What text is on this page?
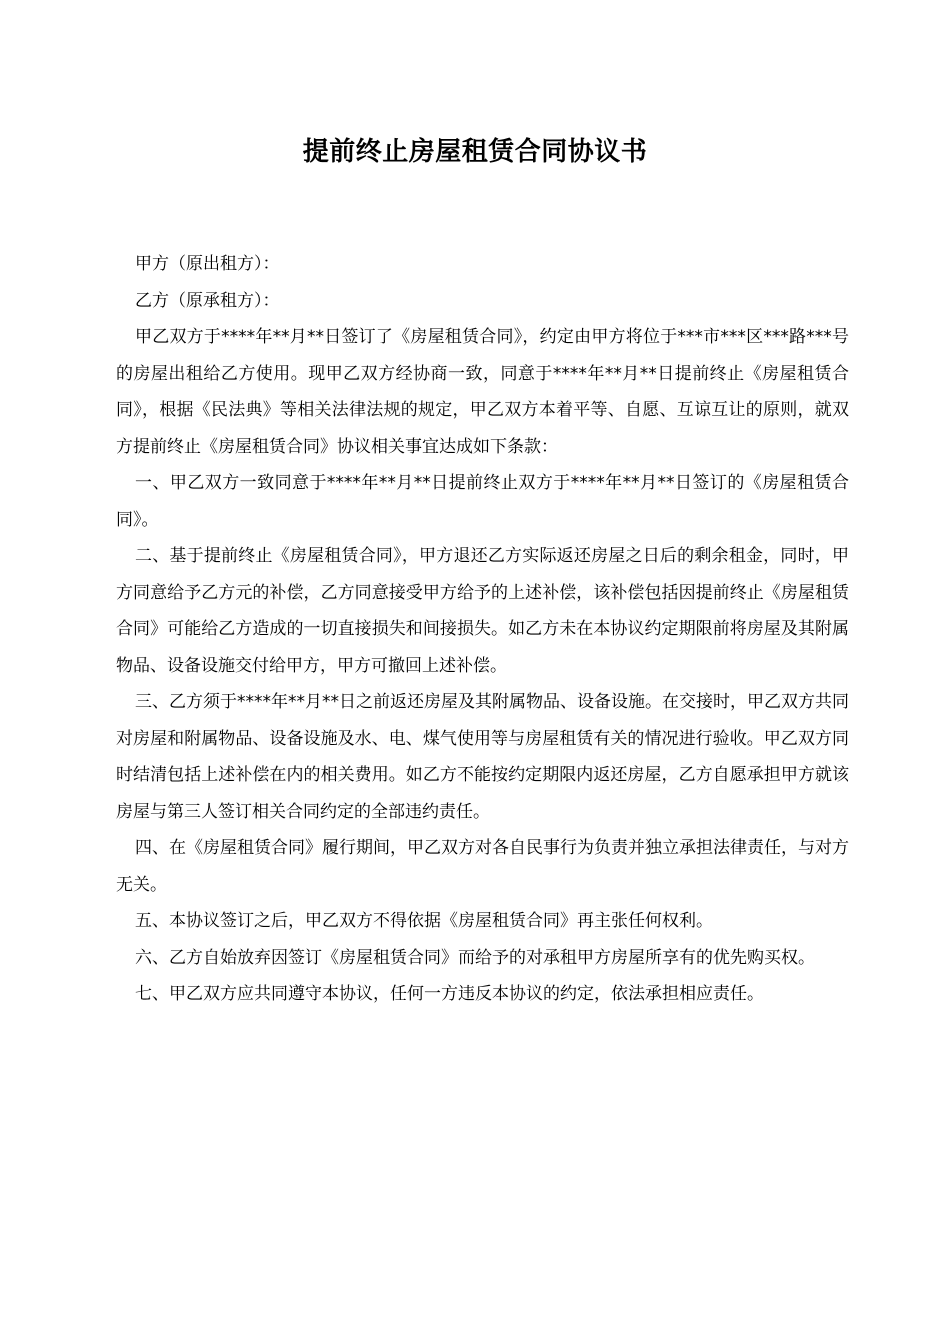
提前终止房屋租赁合同协议书

甲方（原出租方）：

乙方（原承租方）：

甲乙双方于****年**月**日签订了《房屋租赁合同》，约定由甲方将位于***市***区***路***号的房屋出租给乙方使用。现甲乙双方经协商一致，同意于****年**月**日提前终止《房屋租赁合同》，根据《民法典》等相关法律法规的规定，甲乙双方本着平等、自愿、互谅互让的原则，就双方提前终止《房屋租赁合同》协议相关事宜达成如下条款：

一、甲乙双方一致同意于****年**月**日提前终止双方于****年**月**日签订的《房屋租赁合同》。

二、基于提前终止《房屋租赁合同》，甲方退还乙方实际返还房屋之日后的剩余租金，同时，甲方同意给予乙方元的补偿，乙方同意接受甲方给予的上述补偿，该补偿包括因提前终止《房屋租赁合同》可能给乙方造成的一切直接损失和间接损失。如乙方未在本协议约定期限前将房屋及其附属物品、设备设施交付给甲方，甲方可撤回上述补偿。

三、乙方须于****年**月**日之前返还房屋及其附属物品、设备设施。在交接时，甲乙双方共同对房屋和附属物品、设备设施及水、电、煤气使用等与房屋租赁有关的情况进行验收。甲乙双方同时结清包括上述补偿在内的相关费用。如乙方不能按约定期限内返还房屋，乙方自愿承担甲方就该房屋与第三人签订相关合同约定的全部违约责任。

四、在《房屋租赁合同》履行期间，甲乙双方对各自民事行为负责并独立承担法律责任，与对方无关。

五、本协议签订之后，甲乙双方不得依据《房屋租赁合同》再主张任何权利。

六、乙方自始放弃因签订《房屋租赁合同》而给予的对承租甲方房屋所享有的优先购买权。

七、甲乙双方应共同遵守本协议，任何一方违反本协议的约定，依法承担相应责任。
